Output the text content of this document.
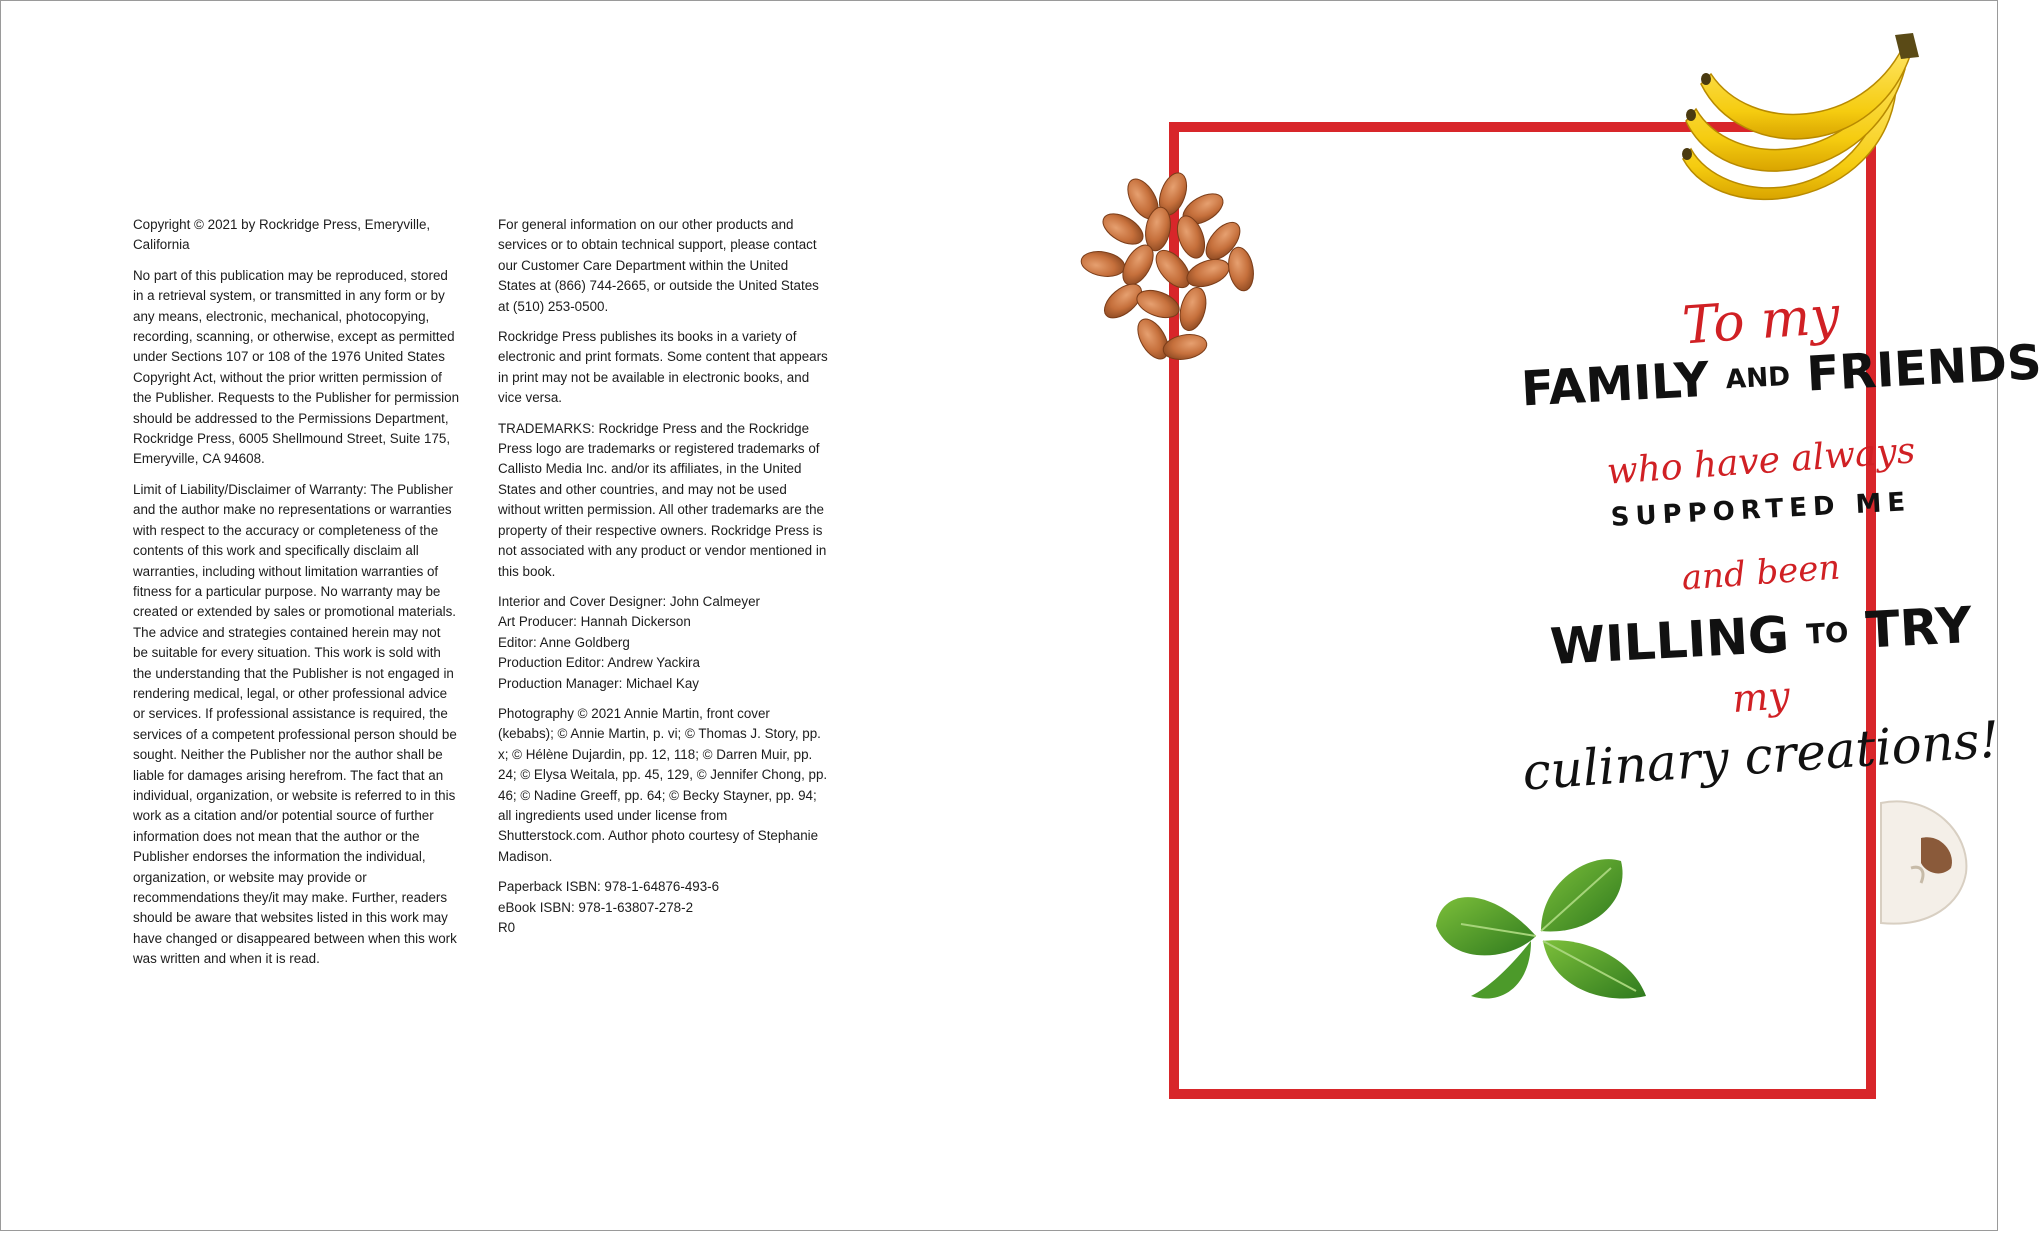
Copyright © 2021 by Rockridge Press, Emeryville, California

No part of this publication may be reproduced, stored in a retrieval system, or transmitted in any form or by any means, electronic, mechanical, photocopying, recording, scanning, or otherwise, except as permitted under Sections 107 or 108 of the 1976 United States Copyright Act, without the prior written permission of the Publisher. Requests to the Publisher for permission should be addressed to the Permissions Department, Rockridge Press, 6005 Shellmound Street, Suite 175, Emeryville, CA 94608.

Limit of Liability/Disclaimer of Warranty: The Publisher and the author make no representations or warranties with respect to the accuracy or completeness of the contents of this work and specifically disclaim all warranties, including without limitation warranties of fitness for a particular purpose. No warranty may be created or extended by sales or promotional materials. The advice and strategies contained herein may not be suitable for every situation. This work is sold with the understanding that the Publisher is not engaged in rendering medical, legal, or other professional advice or services. If professional assistance is required, the services of a competent professional person should be sought. Neither the Publisher nor the author shall be liable for damages arising herefrom. The fact that an individual, organization, or website is referred to in this work as a citation and/or potential source of further information does not mean that the author or the Publisher endorses the information the individual, organization, or website may provide or recommendations they/it may make. Further, readers should be aware that websites listed in this work may have changed or disappeared between when this work was written and when it is read.

For general information on our other products and services or to obtain technical support, please contact our Customer Care Department within the United States at (866) 744-2665, or outside the United States at (510) 253-0500.

Rockridge Press publishes its books in a variety of electronic and print formats. Some content that appears in print may not be available in electronic books, and vice versa.

TRADEMARKS: Rockridge Press and the Rockridge Press logo are trademarks or registered trademarks of Callisto Media Inc. and/or its affiliates, in the United States and other countries, and may not be used without written permission. All other trademarks are the property of their respective owners. Rockridge Press is not associated with any product or vendor mentioned in this book.

Interior and Cover Designer: John Calmeyer
Art Producer: Hannah Dickerson
Editor: Anne Goldberg
Production Editor: Andrew Yackira
Production Manager: Michael Kay

Photography © 2021 Annie Martin, front cover (kebabs); © Annie Martin, p. vi; © Thomas J. Story, pp. x; © Hélène Dujardin, pp. 12, 118; © Darren Muir, pp. 24; © Elysa Weitala, pp. 45, 129, © Jennifer Chong, pp. 46; © Nadine Greeff, pp. 64; © Becky Stayner, pp. 94; all ingredients used under license from Shutterstock.com. Author photo courtesy of Stephanie Madison.

Paperback ISBN: 978-1-64876-493-6
eBook ISBN: 978-1-63807-278-2
R0

To my
FAMILY AND FRIENDS
who have always
SUPPORTED ME
and been
WILLING TO TRY
my
culinary creations!
